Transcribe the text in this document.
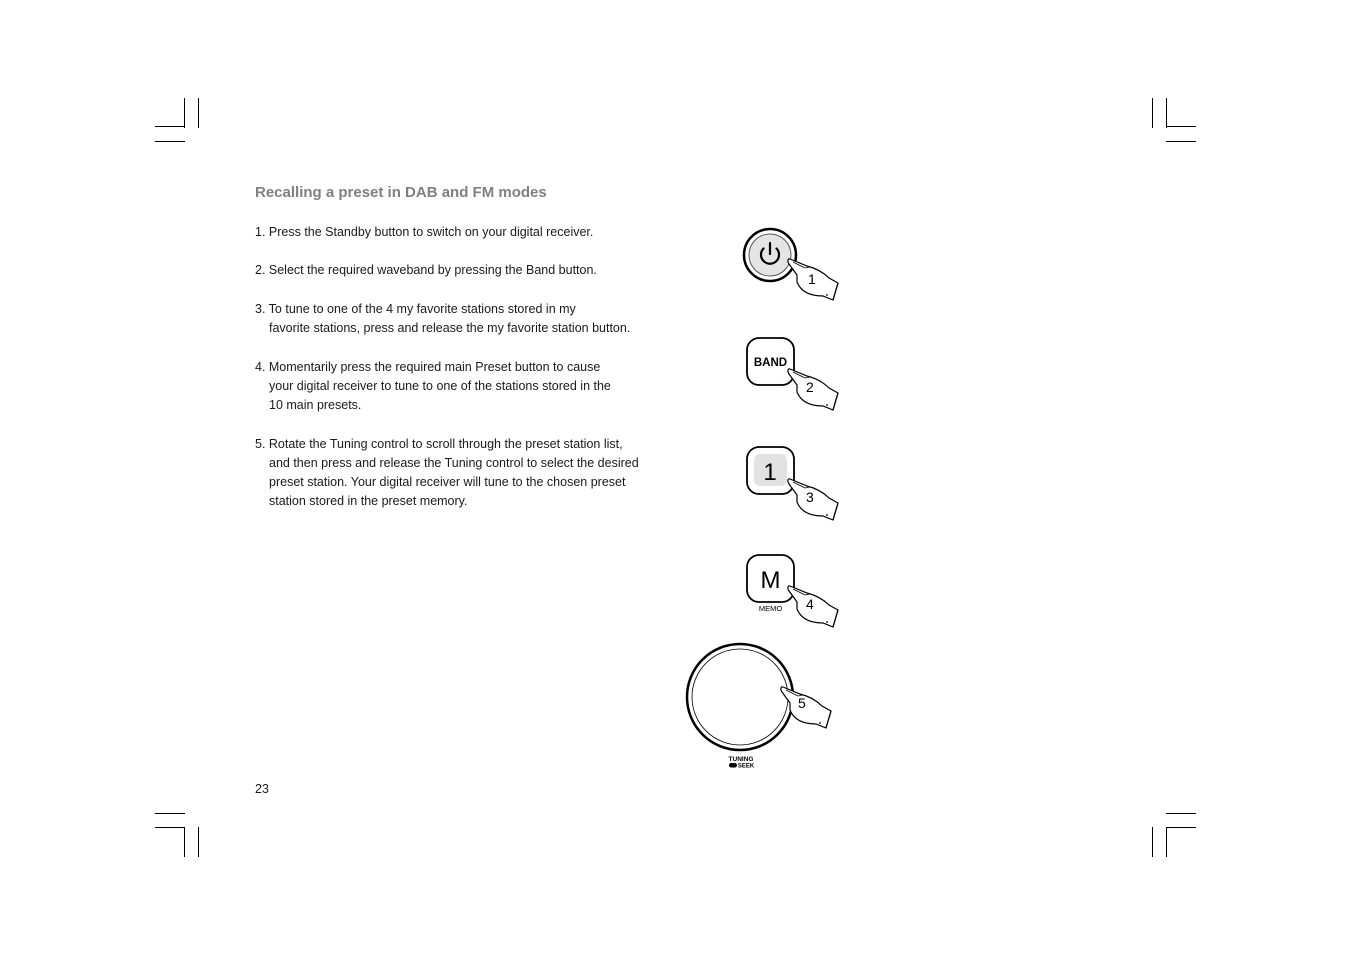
Recalling a preset in DAB and FM modes
1. Press the Standby button to switch on your digital receiver.
2. Select the required waveband by pressing the Band button.
3. To tune to one of the 4 my favorite stations stored in my
favorite stations, press and release the my favorite station button.
4. Momentarily press the required main Preset button to cause
your digital receiver to tune to one of the stations stored in the
10 main presets.
5. Rotate the Tuning control to scroll through the preset station list,
and then press and release the Tuning control to select the desired
preset station. Your digital receiver will tune to the chosen preset
station stored in the preset memory.
23
1
BAND
2
1
3
M
MEMO 4
TUNING
SEEK
5
